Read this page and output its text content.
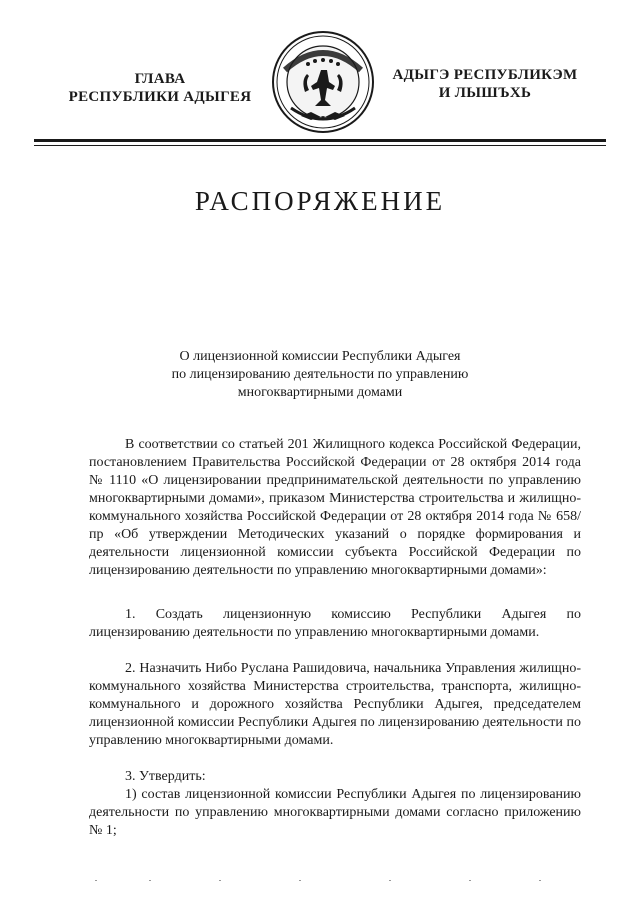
ГЛАВА
РЕСПУБЛИКИ АДЫГЕЯ
АДЫГЭ РЕСПУБЛИКЭМ
И ЛЫШЪХЬ
РАСПОРЯЖЕНИЕ
О лицензионной комиссии Республики Адыгея
по лицензированию деятельности по управлению
многоквартирными домами

В соответствии со статьей 201 Жилищного кодекса Российской Федерации, постановлением Правительства Российской Федерации от 28 октября 2014 года № 1110 «О лицензировании предпринимательской деятельности по управлению многоквартирными домами», приказом Министерства строительства и жилищно-коммунального хозяйства Российской Федерации от 28 октября 2014 года № 658/пр «Об утверждении Методических указаний о порядке формирования и деятельности лицензионной комиссии субъекта Российской Федерации по лицензированию деятельности по управлению многоквартирными домами»:

1. Создать лицензионную комиссию Республики Адыгея по лицензированию деятельности по управлению многоквартирными домами.

2. Назначить Нибо Руслана Рашидовича, начальника Управления жилищно-коммунального хозяйства Министерства строительства, транспорта, жилищно-коммунального и дорожного хозяйства Республики Адыгея, председателем лицензионной комиссии Республики Адыгея по лицензированию деятельности по управлению многоквартирными домами.

3. Утвердить:

1) состав лицензионной комиссии Республики Адыгея по лицензированию деятельности по управлению многоквартирными домами согласно приложению № 1;
